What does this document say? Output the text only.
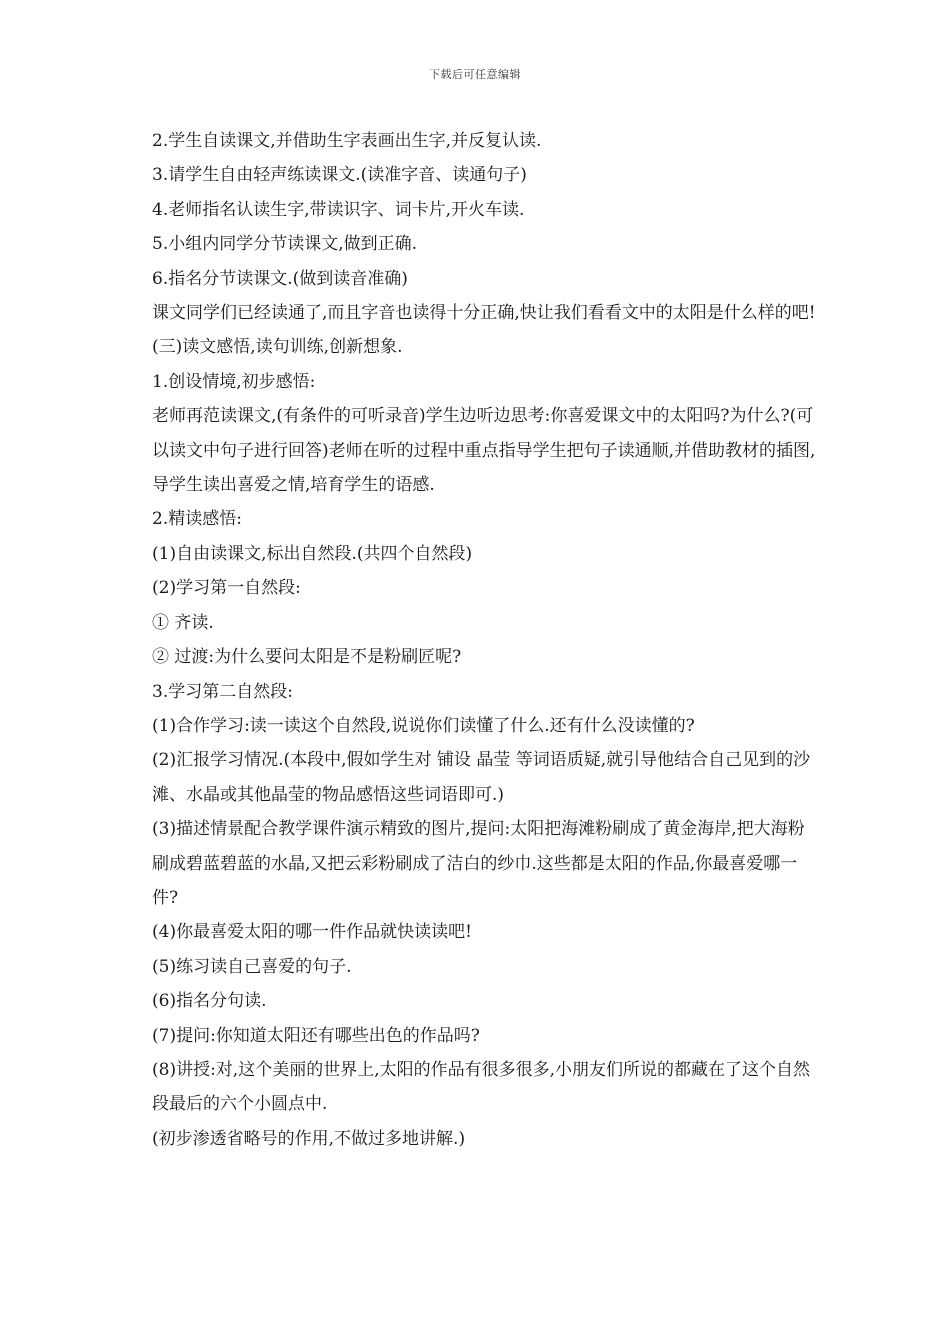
下载后可任意编辑

2.学生自读课文,并借助生字表画出生字,并反复认读.

3.请学生自由轻声练读课文.(读准字音、读通句子)

4.老师指名认读生字,带读识字、词卡片,开火车读.

5.小组内同学分节读课文,做到正确.

6.指名分节读课文.(做到读音准确)

课文同学们已经读通了,而且字音也读得十分正确,快让我们看看文中的太阳是什么样的吧!

(三)读文感悟,读句训练,创新想象.

1.创设情境,初步感悟:

老师再范读课文,(有条件的可听录音)学生边听边思考:你喜爱课文中的太阳吗?为什么?(可以读文中句子进行回答)老师在听的过程中重点指导学生把句子读通顺,并借助教材的插图,导学生读出喜爱之情,培育学生的语感.

2.精读感悟:

(1)自由读课文,标出自然段.(共四个自然段)

(2)学习第一自然段:

① 齐读.

② 过渡:为什么要问太阳是不是粉刷匠呢?

3.学习第二自然段:

(1)合作学习:读一读这个自然段,说说你们读懂了什么.还有什么没读懂的?

(2)汇报学习情况.(本段中,假如学生对 铺设 晶莹 等词语质疑,就引导他结合自己见到的沙滩、水晶或其他晶莹的物品感悟这些词语即可.)

(3)描述情景配合教学课件演示精致的图片,提问:太阳把海滩粉刷成了黄金海岸,把大海粉刷成碧蓝碧蓝的水晶,又把云彩粉刷成了洁白的纱巾.这些都是太阳的作品,你最喜爱哪一件?

(4)你最喜爱太阳的哪一件作品就快读读吧!

(5)练习读自己喜爱的句子.

(6)指名分句读.

(7)提问:你知道太阳还有哪些出色的作品吗?

(8)讲授:对,这个美丽的世界上,太阳的作品有很多很多,小朋友们所说的都藏在了这个自然段最后的六个小圆点中.

(初步渗透省略号的作用,不做过多地讲解.)
